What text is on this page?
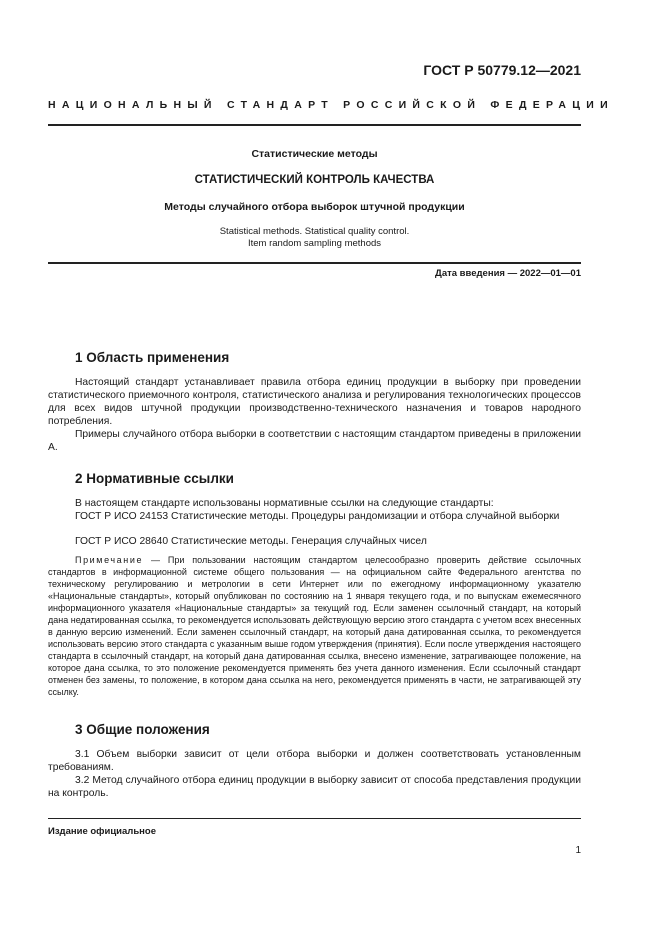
ГОСТ Р 50779.12—2021
НАЦИОНАЛЬНЫЙ СТАНДАРТ РОССИЙСКОЙ ФЕДЕРАЦИИ
Статистические методы
СТАТИСТИЧЕСКИЙ КОНТРОЛЬ КАЧЕСТВА
Методы случайного отбора выборок штучной продукции
Statistical methods. Statistical quality control.
Item random sampling methods
Дата введения — 2022—01—01
1 Область применения
Настоящий стандарт устанавливает правила отбора единиц продукции в выборку при проведении статистического приемочного контроля, статистического анализа и регулирования технологических процессов для всех видов штучной продукции производственно-технического назначения и товаров народного потребления.
Примеры случайного отбора выборки в соответствии с настоящим стандартом приведены в приложении А.
2 Нормативные ссылки
В настоящем стандарте использованы нормативные ссылки на следующие стандарты:
ГОСТ Р ИСО 24153 Статистические методы. Процедуры рандомизации и отбора случайной выборки
ГОСТ Р ИСО 28640 Статистические методы. Генерация случайных чисел
Примечание — При пользовании настоящим стандартом целесообразно проверить действие ссылочных стандартов в информационной системе общего пользования — на официальном сайте Федерального агентства по техническому регулированию и метрологии в сети Интернет или по ежегодному информационному указателю «Национальные стандарты», который опубликован по состоянию на 1 января текущего года, и по выпускам ежемесячного информационного указателя «Национальные стандарты» за текущий год. Если заменен ссылочный стандарт, на который дана недатированная ссылка, то рекомендуется использовать действующую версию этого стандарта с учетом всех внесенных в данную версию изменений. Если заменен ссылочный стандарт, на который дана датированная ссылка, то рекомендуется использовать версию этого стандарта с указанным выше годом утверждения (принятия). Если после утверждения настоящего стандарта в ссылочный стандарт, на который дана датированная ссылка, внесено изменение, затрагивающее положение, на которое дана ссылка, то это положение рекомендуется применять без учета данного изменения. Если ссылочный стандарт отменен без замены, то положение, в котором дана ссылка на него, рекомендуется применять в части, не затрагивающей эту ссылку.
3 Общие положения
3.1 Объем выборки зависит от цели отбора выборки и должен соответствовать установленным требованиям.
3.2 Метод случайного отбора единиц продукции в выборку зависит от способа представления продукции на контроль.
Издание официальное
1
